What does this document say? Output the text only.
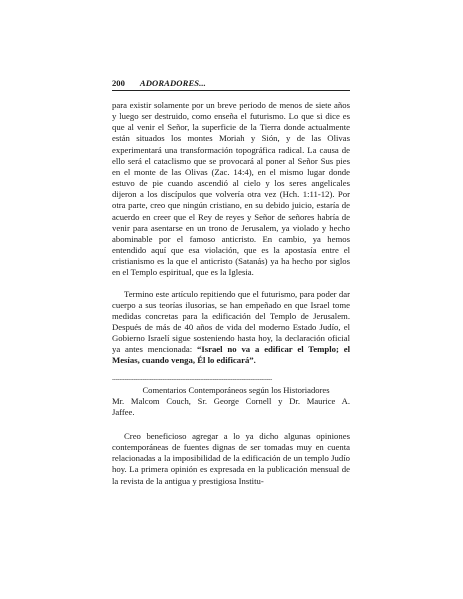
200 ADORADORES...

para existir solamente por un breve periodo de menos de siete años y luego ser destruido, como enseña el futurismo. Lo que si dice es que al venir el Señor, la superficie de la Tierra donde actualmente están situados los montes Moriah y Sión, y de las Olivas experimentará una transformación topográfica radical. La causa de ello será el cataclismo que se provocará al poner al Señor Sus pies en el monte de las Olivas (Zac. 14:4), en el mismo lugar donde estuvo de pie cuando ascendió al cielo y los seres angelicales dijeron a los discípulos que volvería otra vez (Hch. 1:11-12). Por otra parte, creo que ningún cristiano, en su debido juicio, estaría de acuerdo en creer que el Rey de reyes y Señor de señores habría de venir para asentarse en un trono de Jerusalem, ya violado y hecho abominable por el famoso anticristo. En cambio, ya hemos entendido aquí que esa violación, que es la apostasía entre el cristianismo es la que el anticristo (Satanás) ya ha hecho por siglos en el Templo espiritual, que es la Iglesia.

Termino este artículo repitiendo que el futurismo, para poder dar cuerpo a sus teorías ilusorias, se han empeñado en que Israel tome medidas concretas para la edificación del Templo de Jerusalem. Después de más de 40 años de vida del moderno Estado Judío, el Gobierno Israelí sigue sosteniendo hasta hoy, la declaración oficial ya antes mencionada: “Israel no va a edificar el Templo; el Mesías, cuando venga, Él lo edificará”.

-----------------------------------------------------------------------------------------
Comentarios Contemporáneos según los Historiadores
Mr. Malcom Couch, Sr. George Cornell y Dr. Maurice A.
Jaffee.

Creo beneficioso agregar a lo ya dicho algunas opiniones contemporáneas de fuentes dignas de ser tomadas muy en cuenta relacionadas a la imposibilidad de la edificación de un templo Judío hoy. La primera opinión es expresada en la publicación mensual de la revista de la antigua y prestigiosa Institu-
